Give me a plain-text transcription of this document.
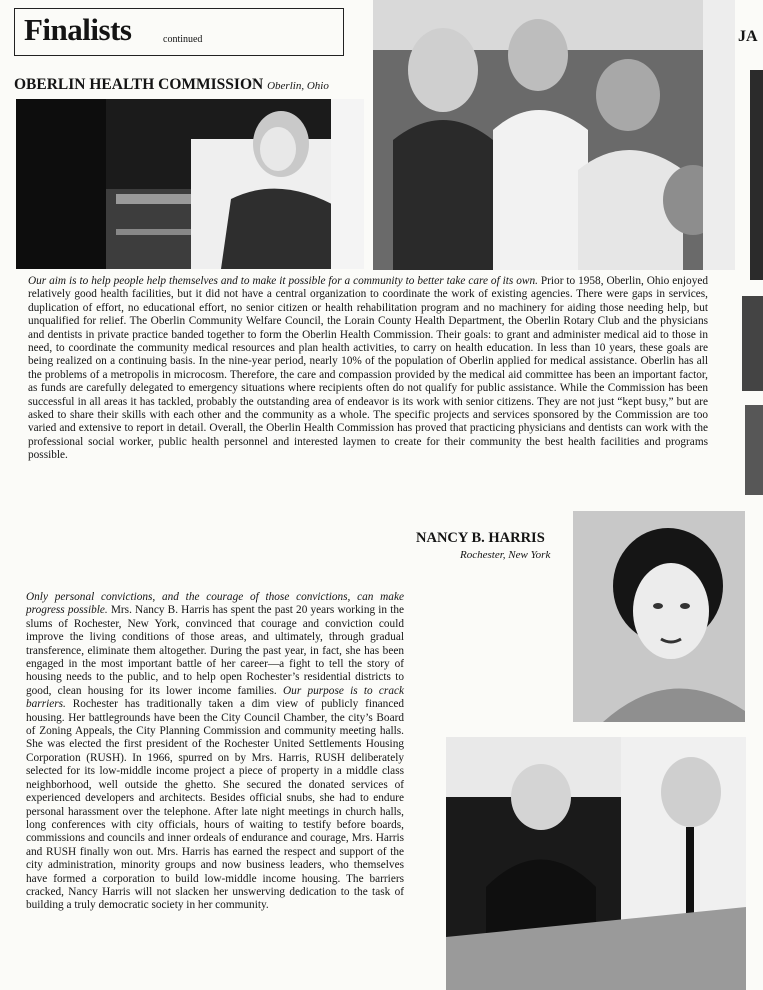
Finalists	continued	JA
OBERLIN HEALTH COMMISSION Oberlin, Ohio

Our aim is to help people help themselves and to make it possible for a community to better take care of its own. Prior to 1958, Oberlin, Ohio enjoyed relatively good health facilities, but it did not have a central organization to coordinate the work of existing agencies. There were gaps in services, duplication of effort, no educational effort, no senior citizen or health rehabilitation program and no machinery for aiding those needing help, but unqualified for relief. The Oberlin Community Welfare Council, the Lorain County Health Department, the Oberlin Rotary Club and the physicians and dentists in private practice banded together to form the Oberlin Health Commission. Their goals: to grant and administer medical aid to those in need, to coordinate the community medical resources and plan health activities, to carry on health education. In less than 10 years, these goals are being realized on a continuing basis. In the nine-year period, nearly 10% of the population of Oberlin applied for medical assistance. Oberlin has all the problems of a metropolis in microcosm. Therefore, the care and compassion provided by the medical aid committee has been an important factor, as funds are carefully delegated to emergency situations where recipients often do not qualify for public assistance. While the Commission has been successful in all areas it has tackled, probably the outstanding area of endeavor is its work with senior citizens. They are not just “kept busy,” but are asked to share their skills with each other and the community as a whole. The specific projects and services sponsored by the Commission are too varied and extensive to report in detail. Overall, the Oberlin Health Commission has proved that practicing physicians and dentists can work with the professional social worker, public health personnel and interested laymen to create for their community the best health facilities and programs possible.

NANCY B. HARRIS
Rochester, New York

Only personal convictions, and the courage of those convictions, can make progress possible. Mrs. Nancy B. Harris has spent the past 20 years working in the slums of Rochester, New York, convinced that courage and conviction could improve the living conditions of those areas, and ultimately, through gradual transference, eliminate them altogether. During the past year, in fact, she has been engaged in the most important battle of her career—a fight to tell the story of housing needs to the public, and to help open Rochester’s residential districts to good, clean housing for its lower income families. Our purpose is to crack barriers. Rochester has traditionally taken a dim view of publicly financed housing. Her battlegrounds have been the City Council Chamber, the city’s Board of Zoning Appeals, the City Planning Commission and community meeting halls. She was elected the first president of the Rochester United Settlements Housing Corporation (RUSH). In 1966, spurred on by Mrs. Harris, RUSH deliberately selected for its low-middle income project a piece of property in a middle class neighborhood, well outside the ghetto. She secured the donated services of experienced developers and architects. Besides official snubs, she had to endure personal harassment over the telephone. After late night meetings in church halls, long conferences with city officials, hours of waiting to testify before boards, commissions and councils and inner ordeals of endurance and courage, Mrs. Harris and RUSH finally won out. Mrs. Harris has earned the respect and support of the city administration, minority groups and now business leaders, who themselves have formed a corporation to build low-middle income housing. The barriers cracked, Nancy Harris will not slacken her unswerving dedication to the task of building a truly democratic society in her community.
